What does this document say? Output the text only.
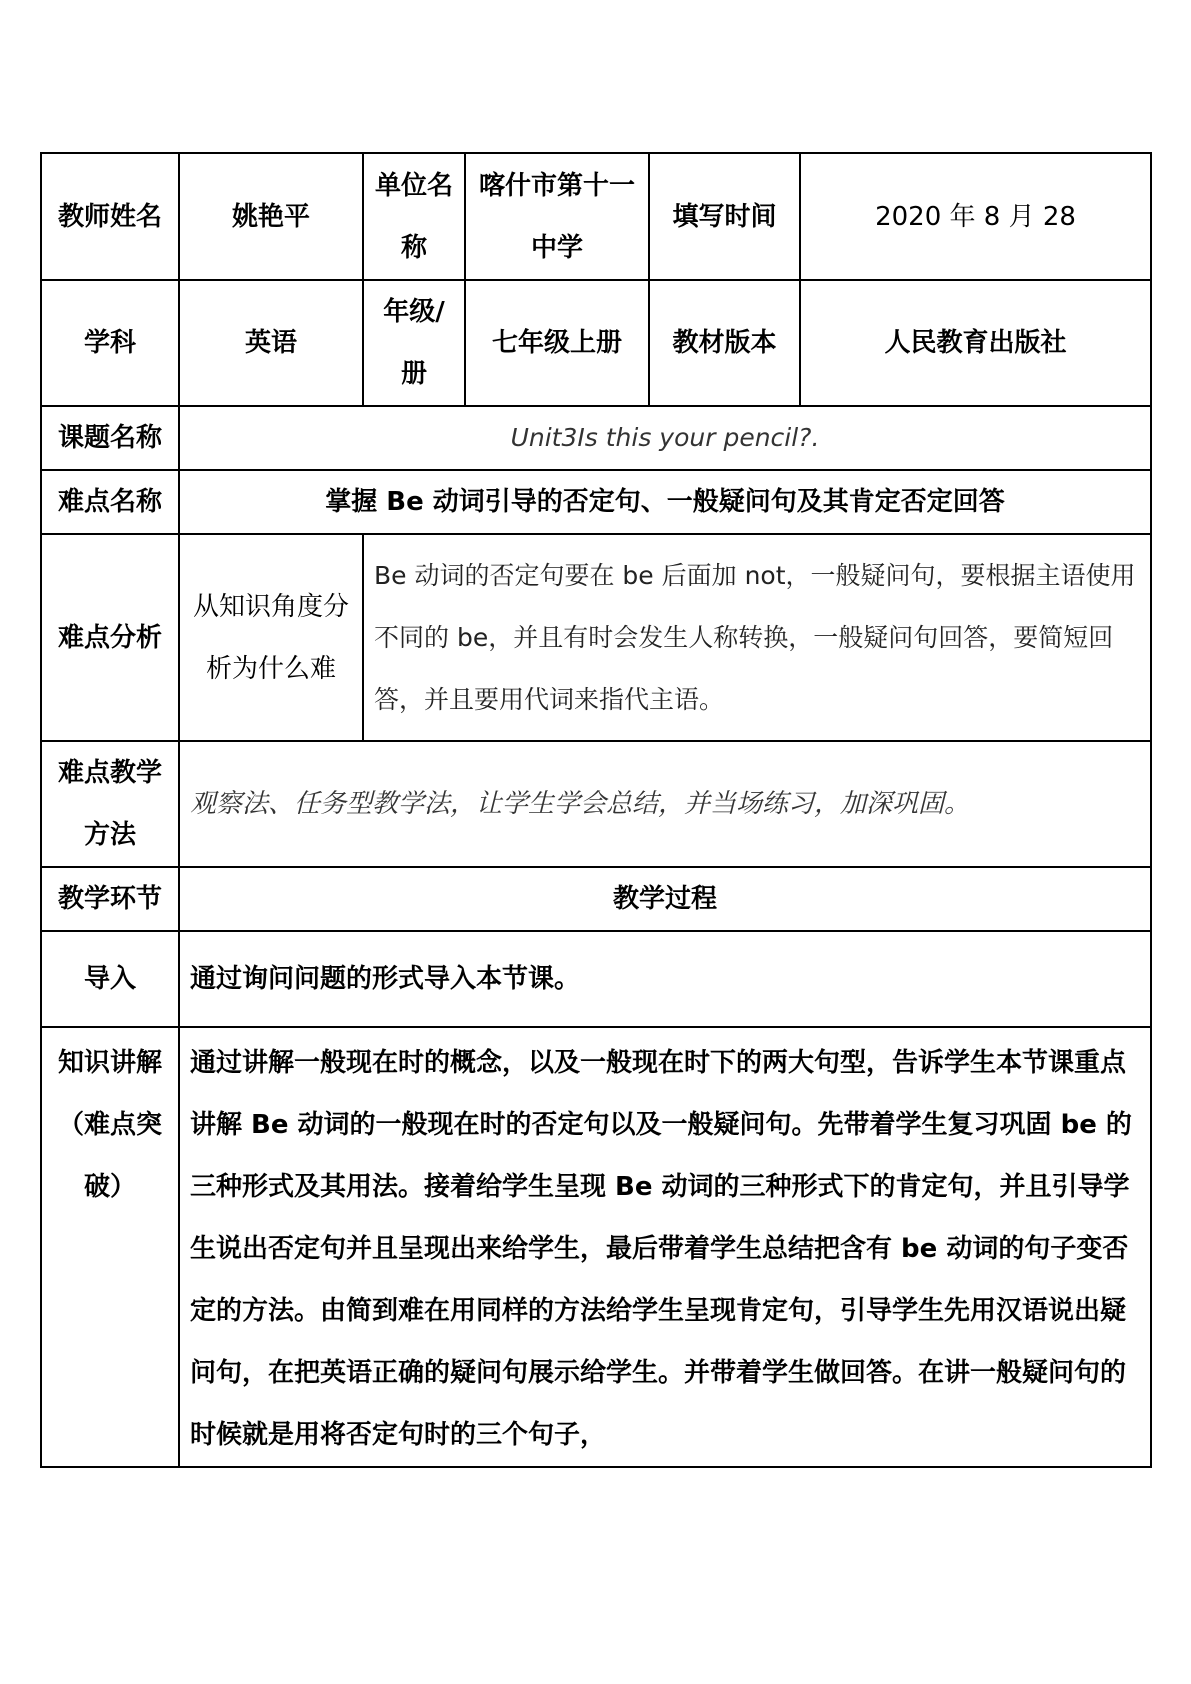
教师姓名	姚艳平	单位名称	喀什市第十一中学	填写时间	2020 年 8 月 28
学科	英语	年级/册	七年级上册	教材版本	人民教育出版社
课题名称	Unit3Is this your pencil?.				
难点名称	掌握 Be 动词引导的否定句、一般疑问句及其肯定否定回答				
难点分析	从知识角度分析为什么难	Be 动词的否定句要在 be 后面加 not，一般疑问句，要根据主语使用不同的 be，并且有时会发生人称转换，一般疑问句回答，要简短回答，并且要用代词来指代主语。			
难点教学方法	观察法、任务型教学法，让学生学会总结，并当场练习，加深巩固。				
教学环节	教学过程				
导入	通过询问问题的形式导入本节课。				
知识讲解（难点突破）	通过讲解一般现在时的概念，以及一般现在时下的两大句型，告诉学生本节课重点讲解 Be 动词的一般现在时的否定句以及一般疑问句。先带着学生复习巩固 be 的三种形式及其用法。接着给学生呈现 Be 动词的三种形式下的肯定句，并且引导学生说出否定句并且呈现出来给学生，最后带着学生总结把含有 be 动词的句子变否定的方法。由简到难在用同样的方法给学生呈现肯定句，引导学生先用汉语说出疑问句，在把英语正确的疑问句展示给学生。并带着学生做回答。在讲一般疑问句的时候就是用将否定句时的三个句子，				
